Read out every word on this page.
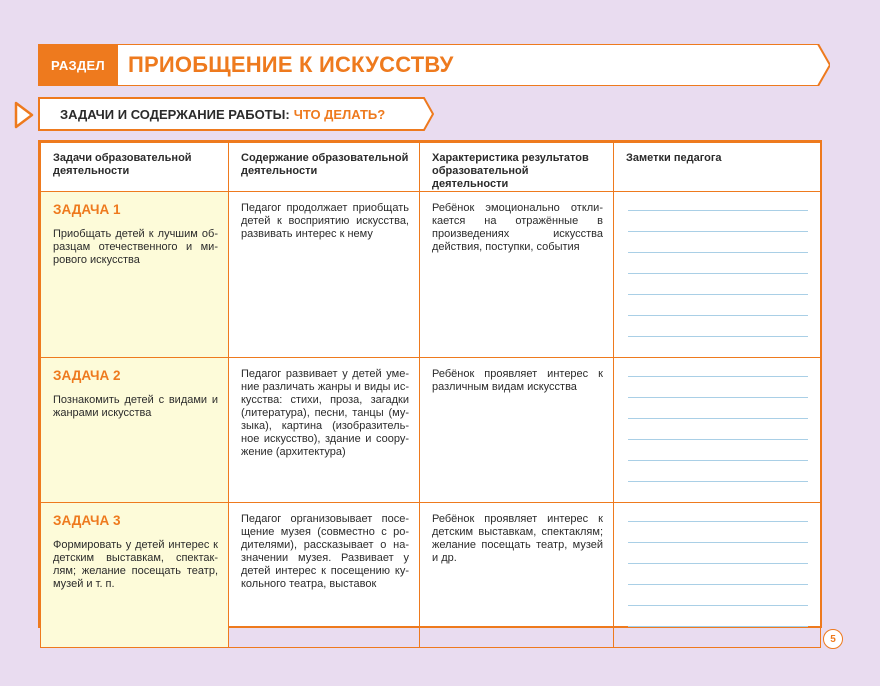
РАЗДЕЛ	ПРИОБЩЕНИЕ К ИСКУССТВУ
ЗАДАЧИ И СОДЕРЖАНИЕ РАБОТЫ: ЧТО ДЕЛАТЬ?
Задачи образовательной деятельности	Содержание образовательной деятельности	Характеристика результатов образовательной деятельности	Заметки педагога

ЗАДАЧА 1
Приобщать детей к лучшим образцам отечественного и мирового искусства	Педагог продолжает приобщать детей к восприятию искусства, развивать интерес к нему	Ребёнок эмоционально откликается на отражённые в произведениях искусства действия, поступки, события	

ЗАДАЧА 2
Познакомить детей с видами и жанрами искусства	Педагог развивает у детей умение различать жанры и виды искусства: стихи, проза, загадки (литература), песни, танцы (музыка), картина (изобразительное искусство), здание и сооружение (архитектура)	Ребёнок проявляет интерес к различным видам искусства	

ЗАДАЧА 3
Формировать у детей интерес к детским выставкам, спектаклям; желание посещать театр, музей и т. п.	Педагог организовывает посещение музея (совместно с родителями), рассказывает о назначении музея. Развивает у детей интерес к посещению кукольного театра, выставок	Ребёнок проявляет интерес к детским выставкам, спектаклям; желание посещать театр, музей и др.	

5
